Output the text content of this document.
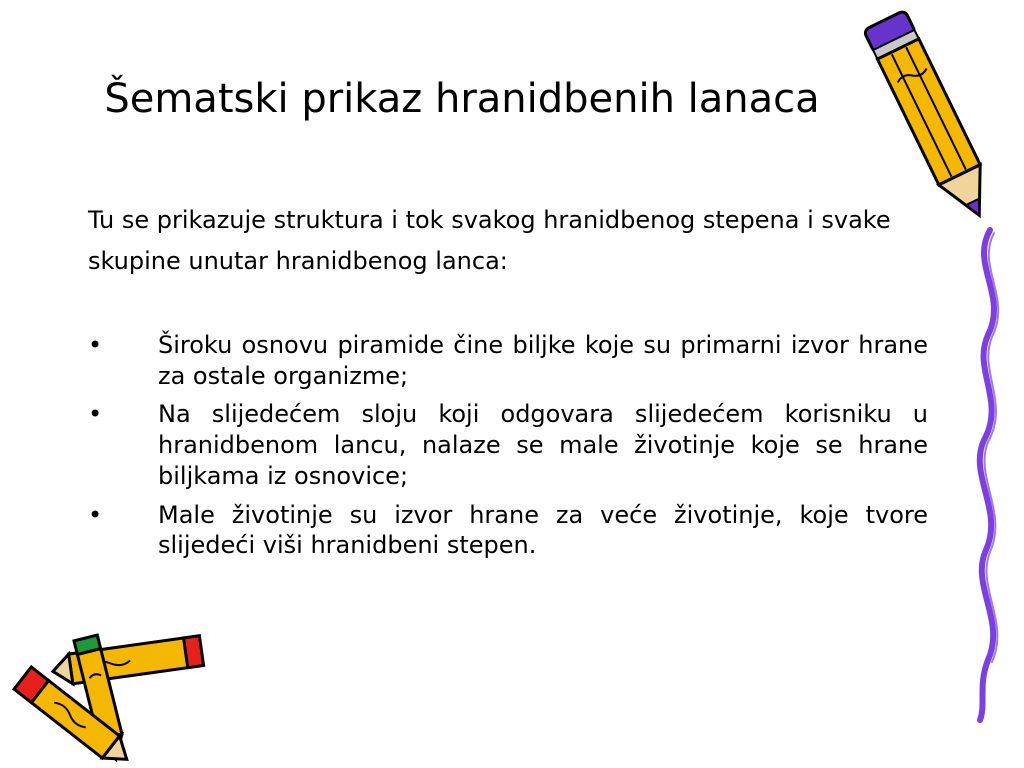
Šematski prikaz hranidbenih lanaca

Tu se prikazuje struktura i tok svakog hranidbenog stepena i svake skupine unutar hranidbenog lanca:

• Široku osnovu piramide čine biljke koje su primarni izvor hrane za ostale organizme;
• Na slijedećem sloju koji odgovara slijedećem korisniku u hranidbenom lancu, nalaze se male životinje koje se hrane biljkama iz osnovice;
• Male životinje su izvor hrane za veće životinje, koje tvore slijedeći viši hranidbeni stepen.
